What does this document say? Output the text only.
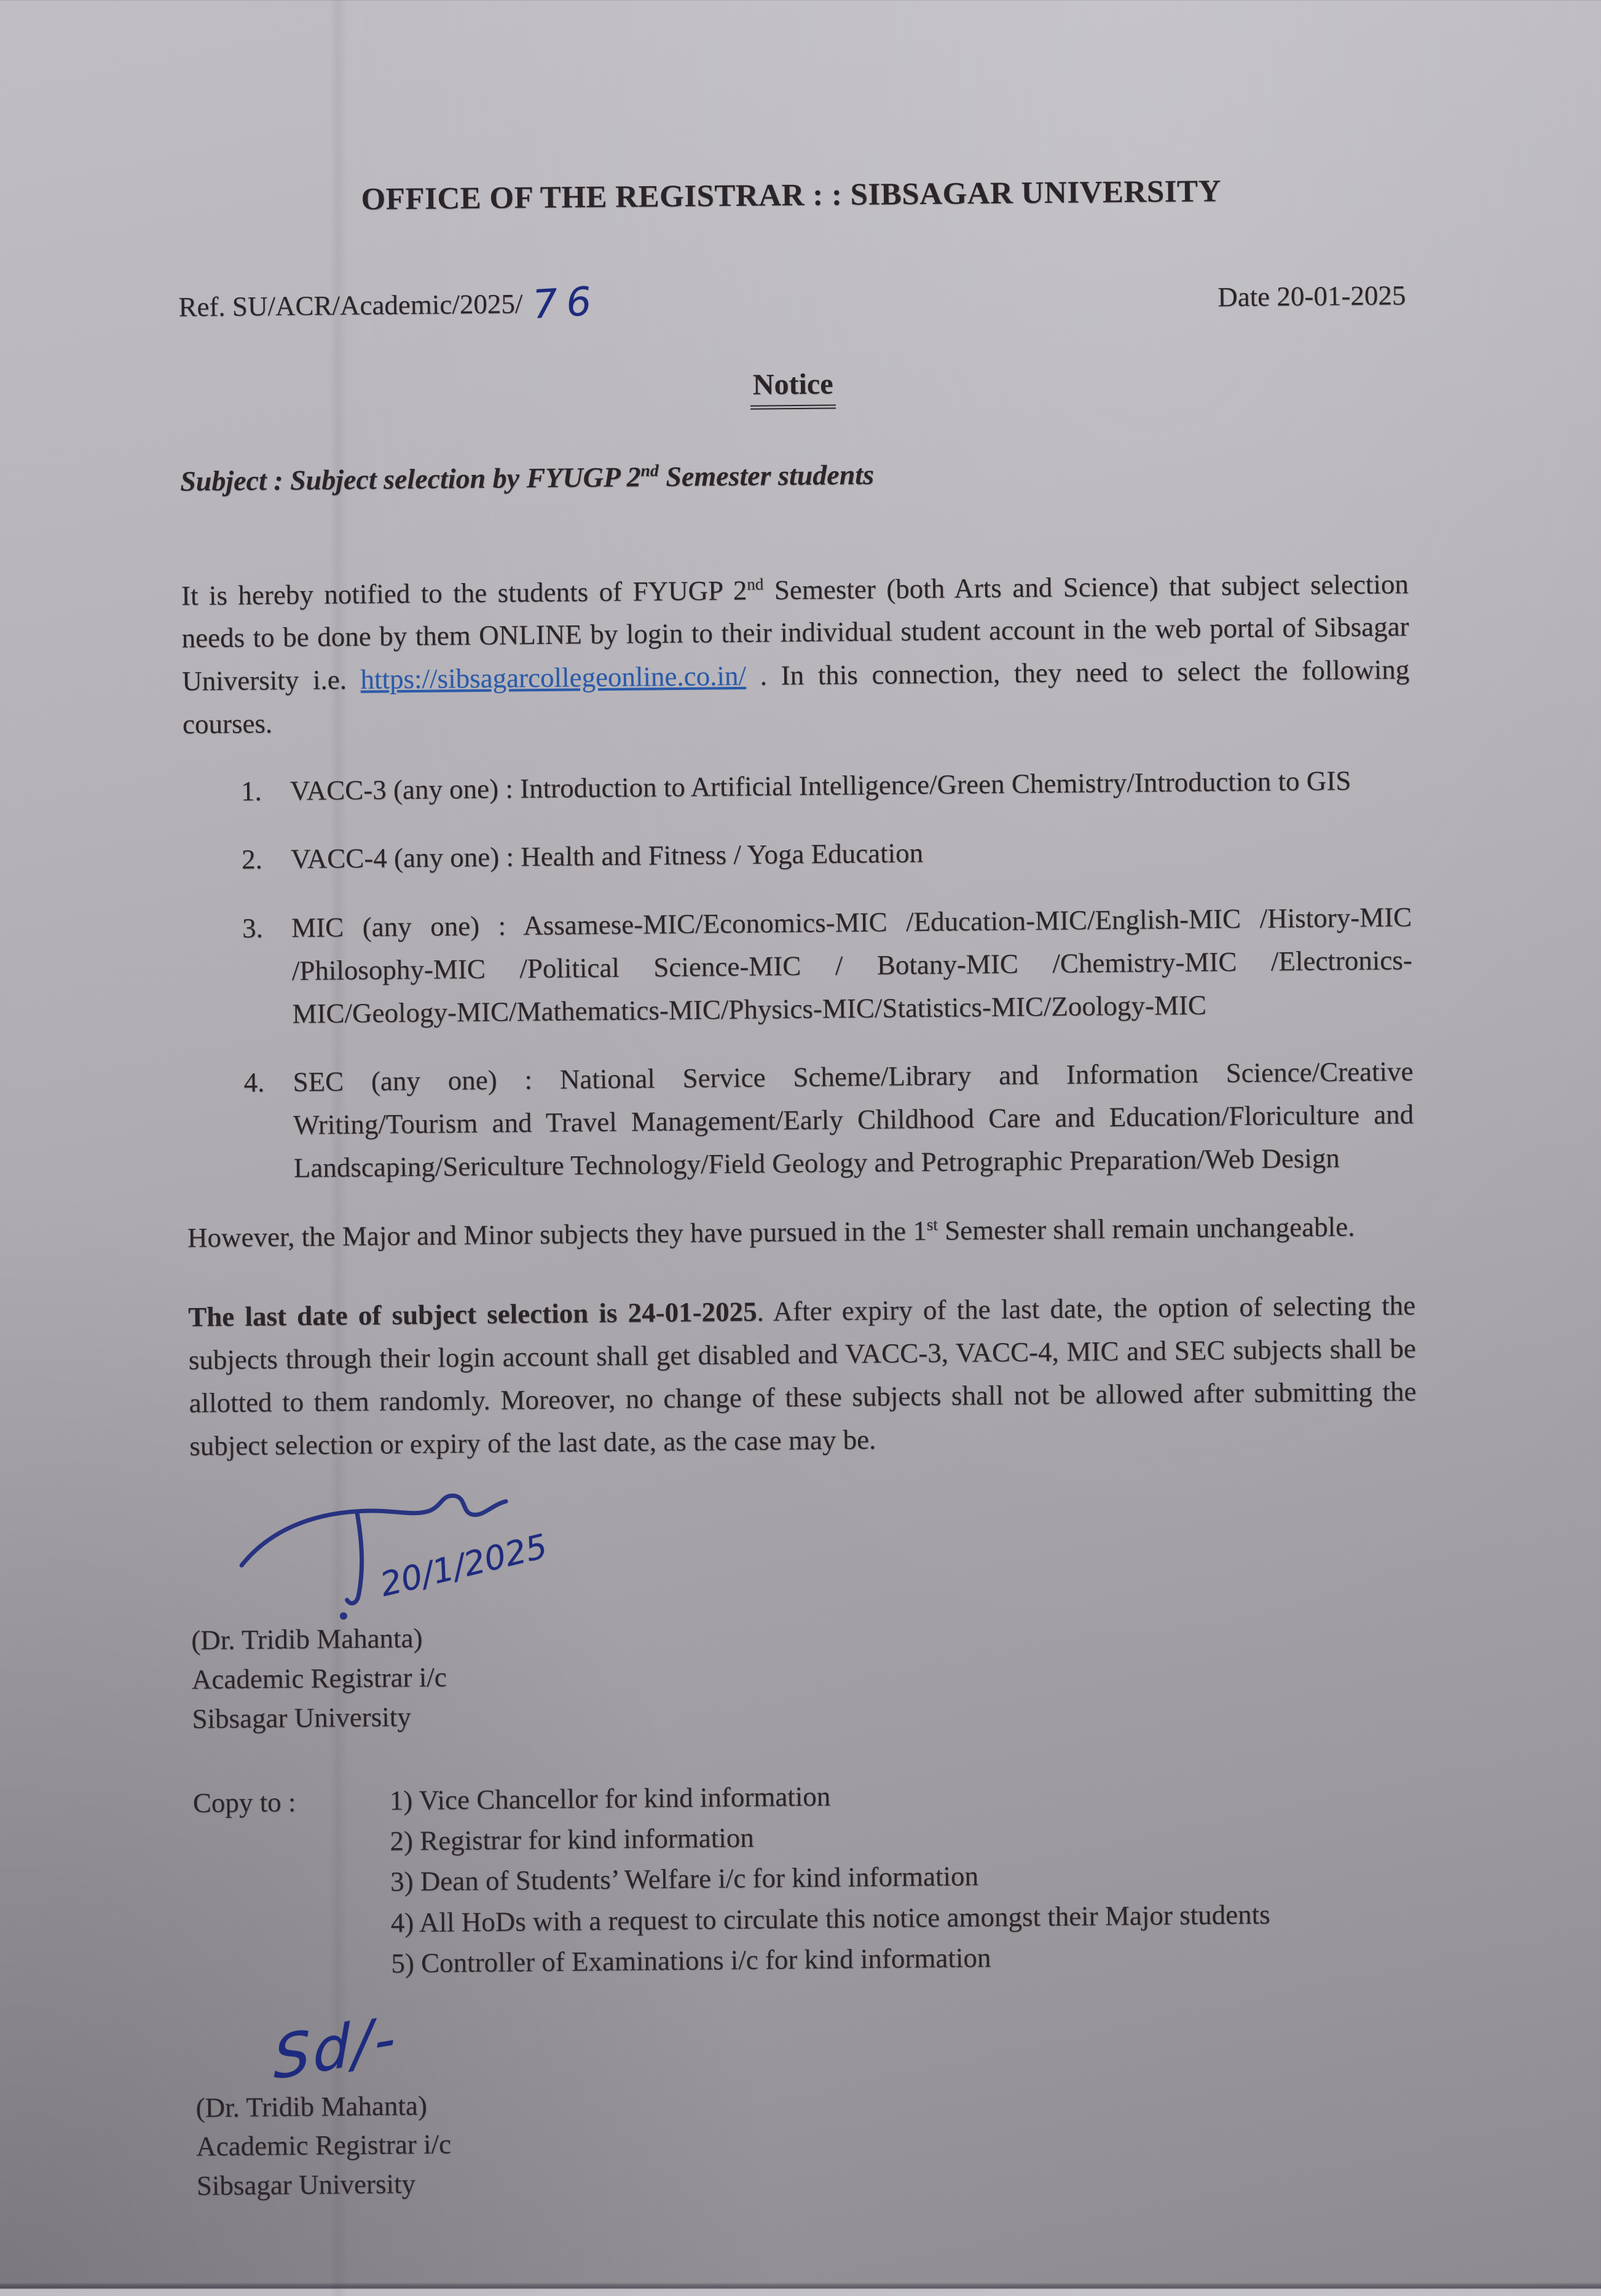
OFFICE OF THE REGISTRAR : : SIBSAGAR UNIVERSITY
Ref. SU/ACR/Academic/2025/ 76	Date 20-01-2025
Notice
Subject : Subject selection by FYUGP 2nd Semester students
It is hereby notified to the students of FYUGP 2nd Semester (both Arts and Science) that subject selection needs to be done by them ONLINE by login to their individual student account in the web portal of Sibsagar University i.e. https://sibsagarcollegeonline.co.in/ . In this connection, they need to select the following courses.
1.	VACC-3 (any one) : Introduction to Artificial Intelligence/Green Chemistry/Introduction to GIS
2.	VACC-4 (any one) : Health and Fitness / Yoga Education
3.	MIC (any one) : Assamese-MIC/Economics-MIC /Education-MIC/English-MIC /History-MIC /Philosophy-MIC /Political Science-MIC / Botany-MIC /Chemistry-MIC /Electronics-MIC/Geology-MIC/Mathematics-MIC/Physics-MIC/Statistics-MIC/Zoology-MIC
4.	SEC (any one) : National Service Scheme/Library and Information Science/Creative Writing/Tourism and Travel Management/Early Childhood Care and Education/Floriculture and Landscaping/Sericulture Technology/Field Geology and Petrographic Preparation/Web Design
However, the Major and Minor subjects they have pursued in the 1st Semester shall remain unchangeable.
The last date of subject selection is 24-01-2025. After expiry of the last date, the option of selecting the subjects through their login account shall get disabled and VACC-3, VACC-4, MIC and SEC subjects shall be allotted to them randomly. Moreover, no change of these subjects shall not be allowed after submitting the subject selection or expiry of the last date, as the case may be.
20/1/2025
(Dr. Tridib Mahanta)
Academic Registrar i/c
Sibsagar University
Copy to :	1) Vice Chancellor for kind information
2) Registrar for kind information
3) Dean of Students’ Welfare i/c for kind information
4) All HoDs with a request to circulate this notice amongst their Major students
5) Controller of Examinations i/c for kind information
Sd/-
(Dr. Tridib Mahanta)
Academic Registrar i/c
Sibsagar University
